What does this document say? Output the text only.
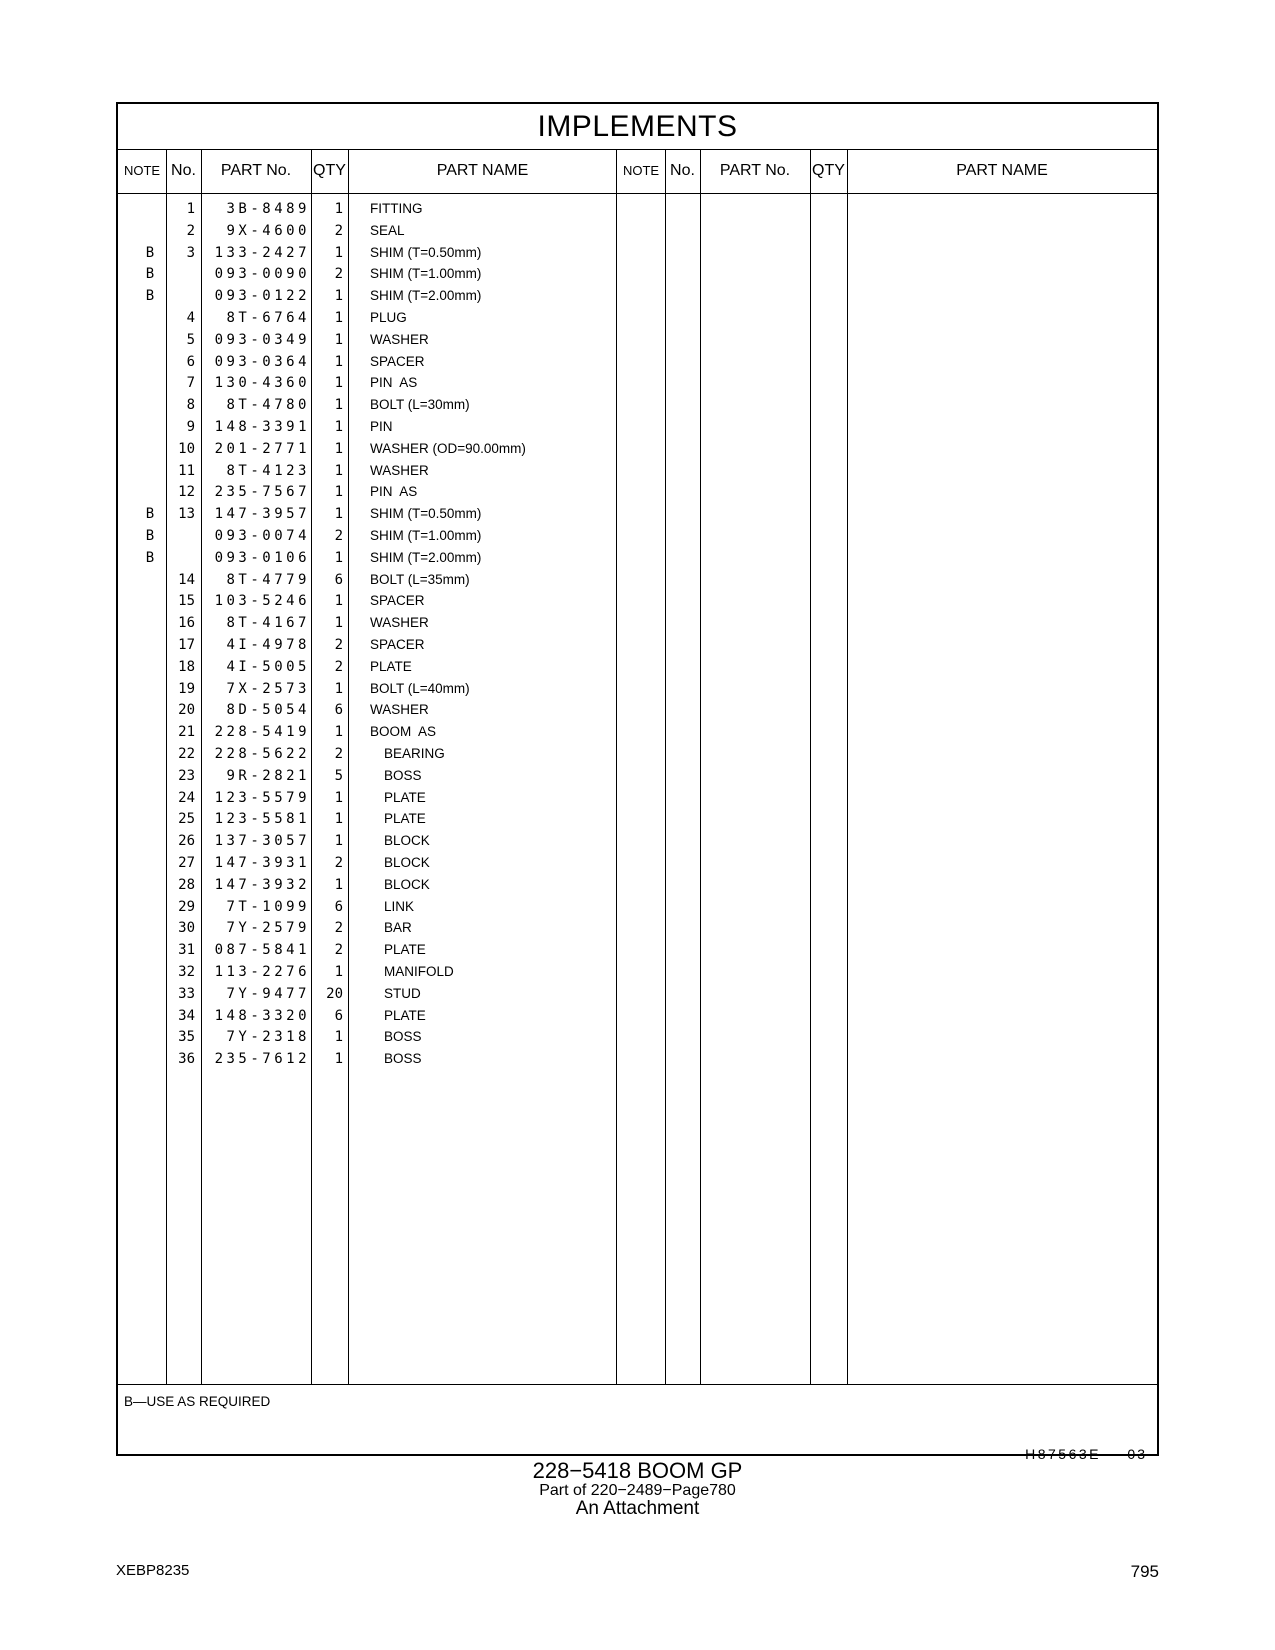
IMPLEMENTS
NOTE No.	PART No.	QTY	PART NAME	NOTE No.	PART No.	QTY	PART NAME
1	3B-8489	1 FITTING
2	9X-4600	2 SEAL
B	3	133-2427	1 SHIM (T=0.50mm)
B	093-0090	2 SHIM (T=1.00mm)
B	093-0122	1 SHIM (T=2.00mm)
4	8T-6764	1 PLUG
5	093-0349	1 WASHER
6	093-0364	1 SPACER
7	130-4360	1 PIN  AS
8	8T-4780	1 BOLT (L=30mm)
9	148-3391	1 PIN
10	201-2771	1 WASHER (OD=90.00mm)
11	8T-4123	1 WASHER
12	235-7567	1 PIN  AS
B	13	147-3957	1 SHIM (T=0.50mm)
B	093-0074	2 SHIM (T=1.00mm)
B	093-0106	1 SHIM (T=2.00mm)
14	8T-4779	6 BOLT (L=35mm)
15	103-5246	1 SPACER
16	8T-4167	1 WASHER
17	4I-4978	2 SPACER
18	4I-5005	2 PLATE
19	7X-2573	1 BOLT (L=40mm)
20	8D-5054	6 WASHER
21	228-5419	1 BOOM  AS
22	228-5622	2	BEARING
23	9R-2821	5	BOSS
24	123-5579	1	PLATE
25	123-5581	1	PLATE
26	137-3057	1	BLOCK
27	147-3931	2	BLOCK
28	147-3932	1	BLOCK
29	7T-1099	6	LINK
30	7Y-2579	2	BAR
31	087-5841	2	PLATE
32	113-2276	1	MANIFOLD
33	7Y-9477	20	STUD
34	148-3320	6	PLATE
35	7Y-2318	1	BOSS
36	235-7612	1	BOSS
B—USE AS REQUIRED
H87563E 03
228−5418 BOOM GP
Part of 220−2489−Page780
An Attachment
XEBP8235	795
